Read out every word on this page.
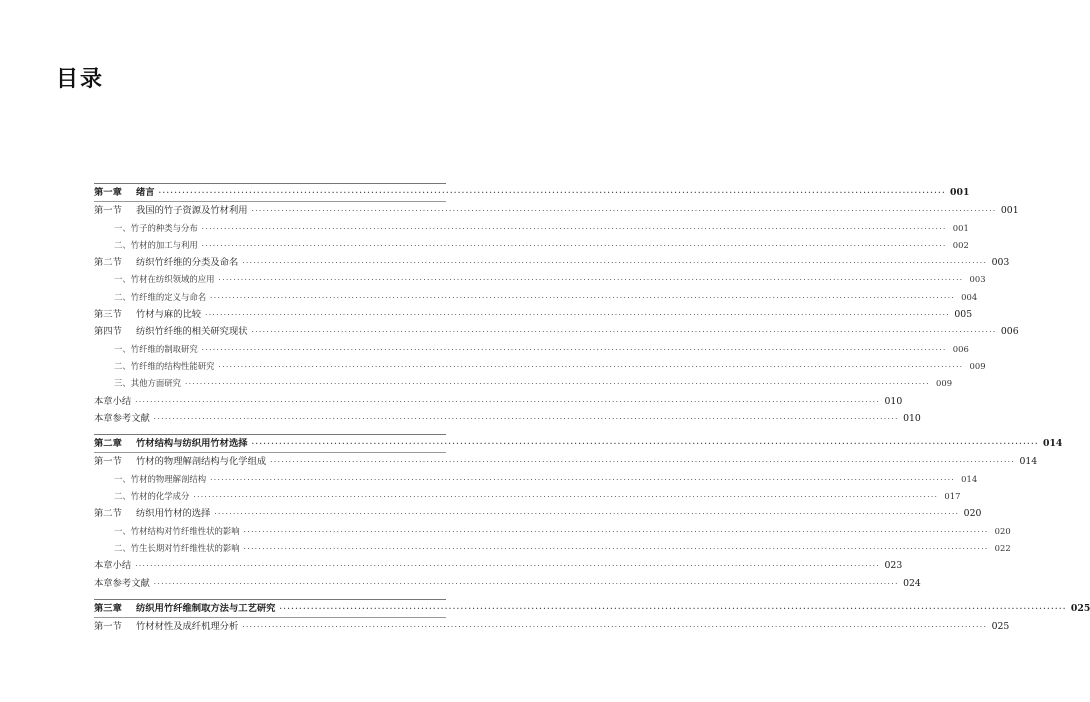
目录
第一章	绪言 ········································································································································································································ 001
第一节	我国的竹子资源及竹材利用 ········································································································································································································ 001
一、竹子的种类与分布 ········································································································································································································ 001
二、竹材的加工与利用 ········································································································································································································ 002
第二节	纺织竹纤维的分类及命名 ········································································································································································································ 003
一、竹材在纺织领域的应用 ········································································································································································································ 003
二、竹纤维的定义与命名 ········································································································································································································ 004
第三节	竹材与麻的比较 ········································································································································································································ 005
第四节	纺织竹纤维的相关研究现状 ········································································································································································································ 006
一、竹纤维的制取研究 ········································································································································································································ 006
二、竹纤维的结构性能研究 ········································································································································································································ 009
三、其他方面研究 ········································································································································································································ 009
本章小结 ········································································································································································································ 010
本章参考文献 ········································································································································································································ 010
第二章	竹材结构与纺织用竹材选择 ········································································································································································································ 014
第一节	竹材的物理解剖结构与化学组成 ········································································································································································································ 014
一、竹材的物理解剖结构 ········································································································································································································ 014
二、竹材的化学成分 ········································································································································································································ 017
第二节	纺织用竹材的选择 ········································································································································································································ 020
一、竹材结构对竹纤维性状的影响 ········································································································································································································ 020
二、竹生长期对竹纤维性状的影响 ········································································································································································································ 022
本章小结 ········································································································································································································ 023
本章参考文献 ········································································································································································································ 024
第三章	纺织用竹纤维制取方法与工艺研究 ········································································································································································································ 025
第一节	竹材材性及成纤机理分析 ········································································································································································································ 025
